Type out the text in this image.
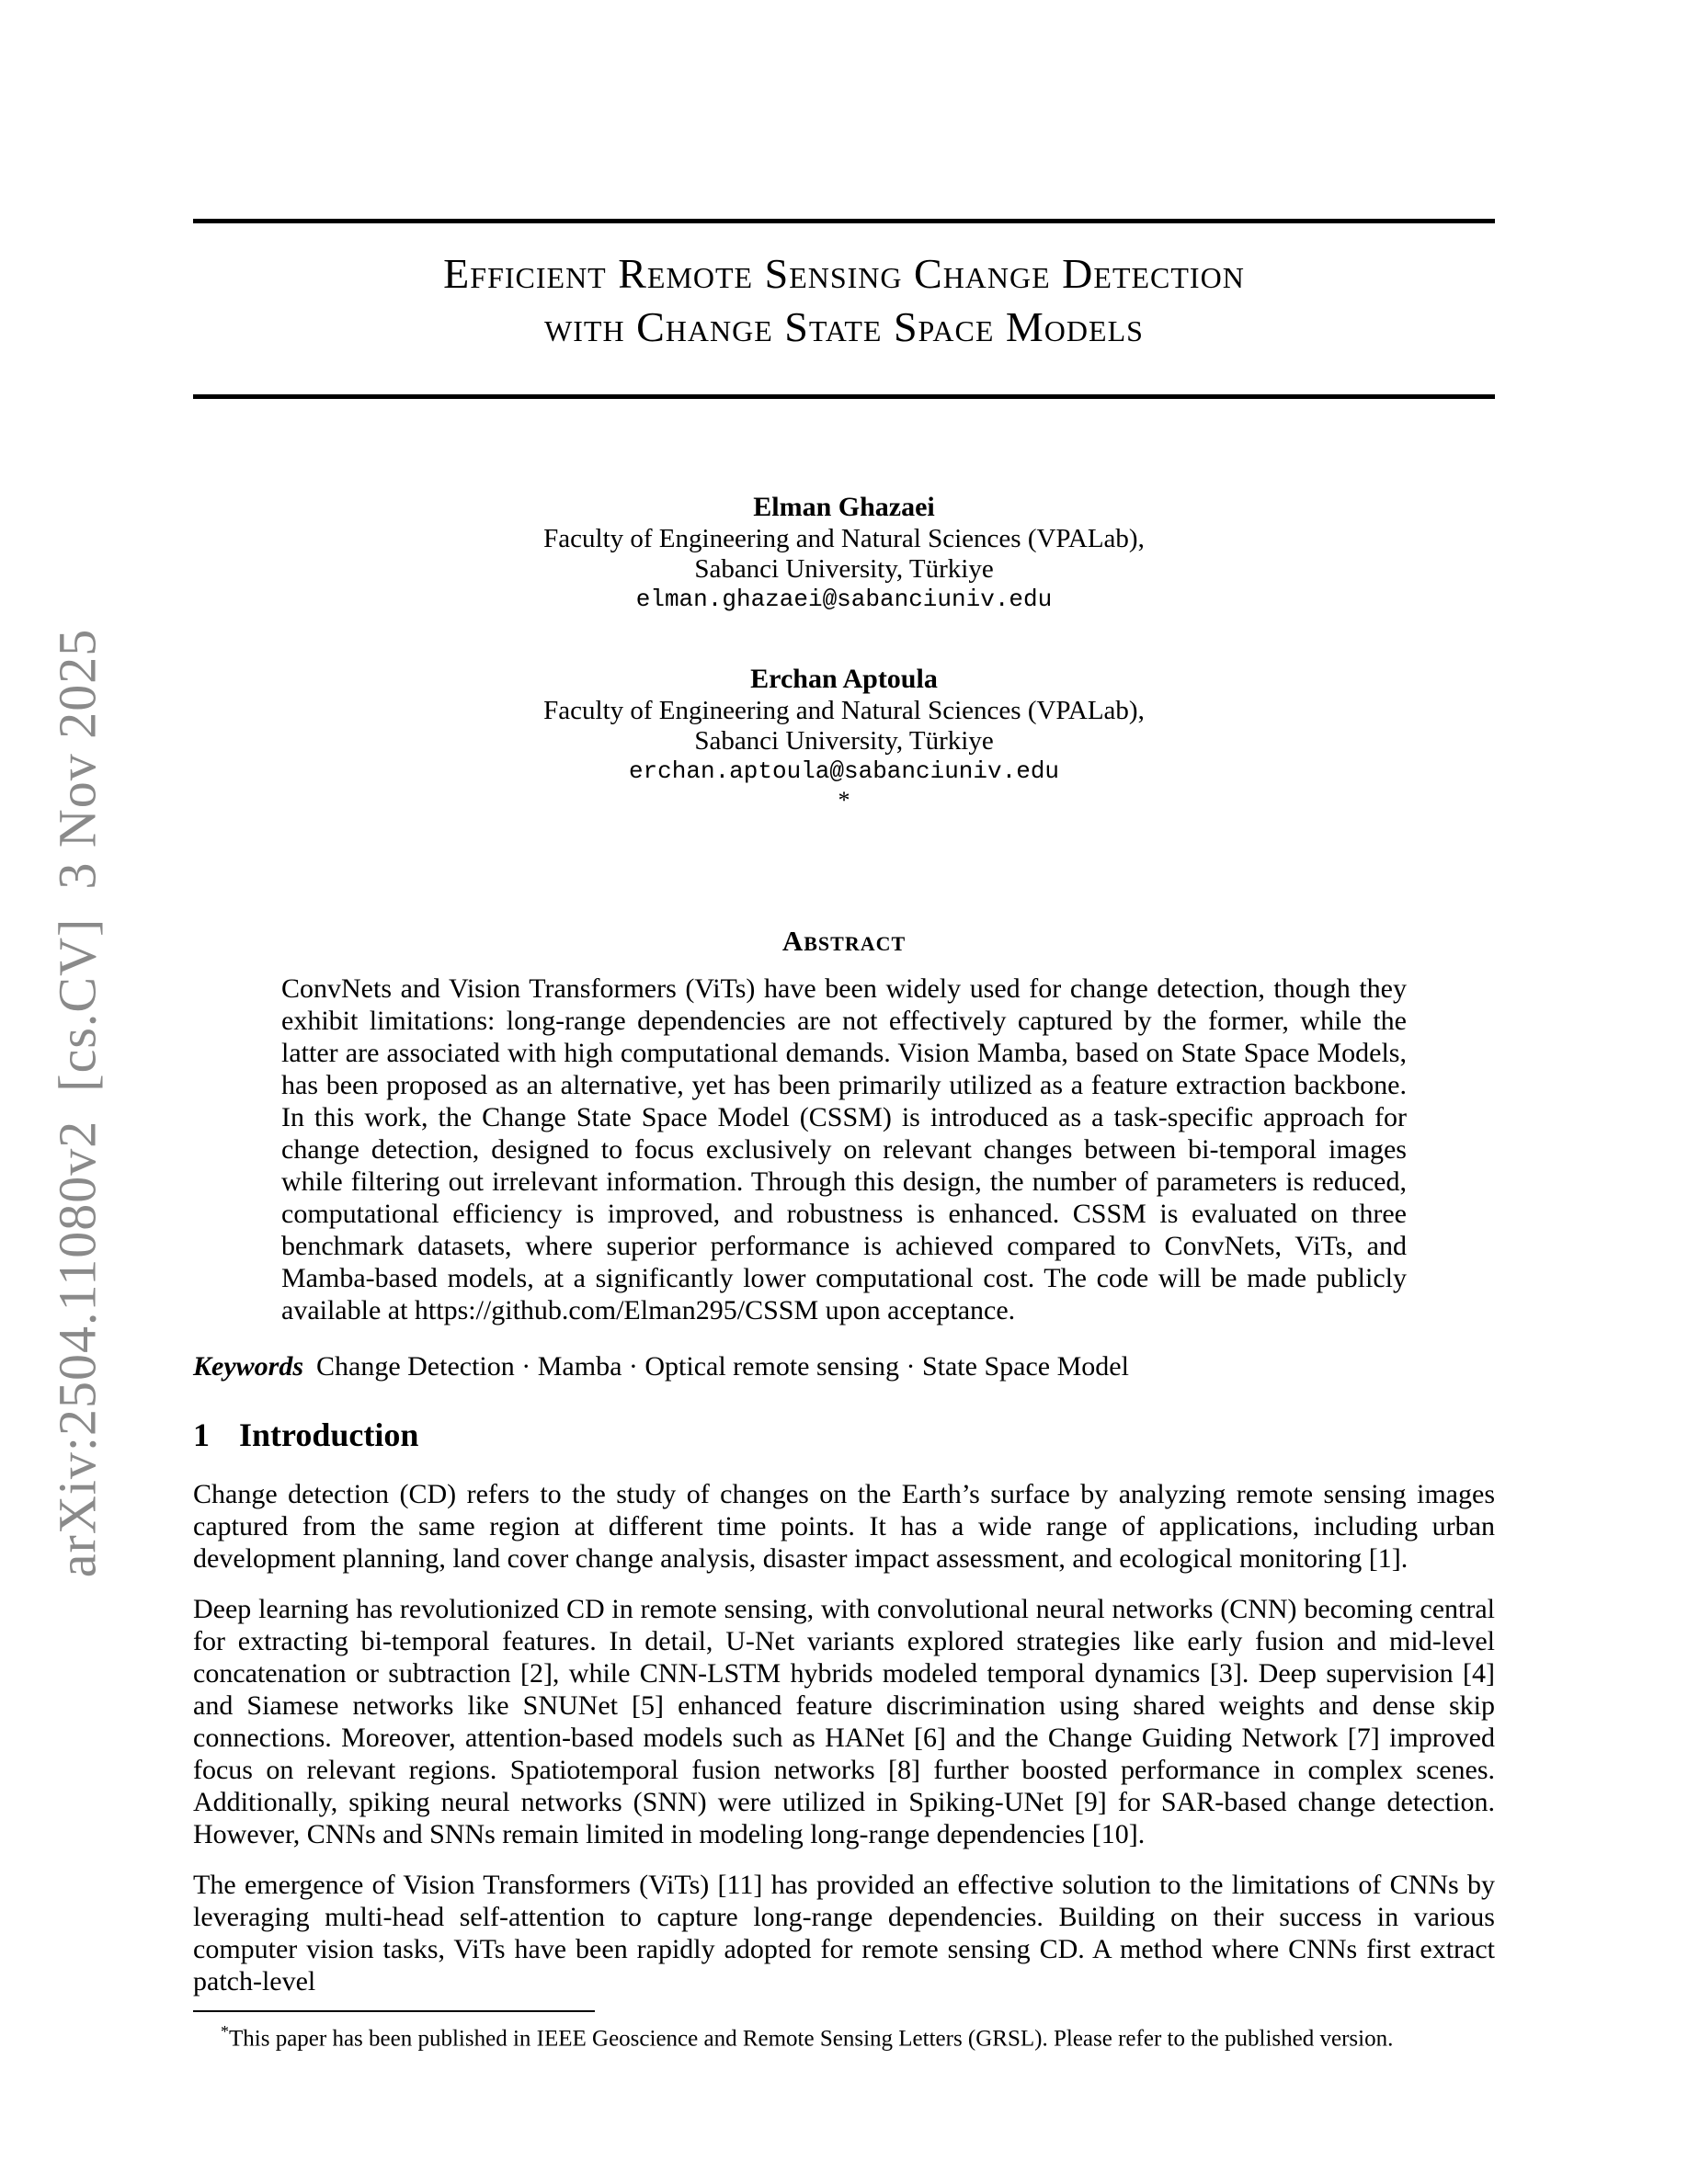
arXiv:2504.11080v2  [cs.CV]  3 Nov 2025
Efficient Remote Sensing Change Detection
with Change State Space Models
Elman Ghazaei
Faculty of Engineering and Natural Sciences (VPALab),
Sabanci University, Türkiye
elman.ghazaei@sabanciuniv.edu
Erchan Aptoula
Faculty of Engineering and Natural Sciences (VPALab),
Sabanci University, Türkiye
erchan.aptoula@sabanciuniv.edu
*
Abstract
ConvNets and Vision Transformers (ViTs) have been widely used for change detection, though they exhibit limitations: long-range dependencies are not effectively captured by the former, while the latter are associated with high computational demands. Vision Mamba, based on State Space Models, has been proposed as an alternative, yet has been primarily utilized as a feature extraction backbone. In this work, the Change State Space Model (CSSM) is introduced as a task-specific approach for change detection, designed to focus exclusively on relevant changes between bi-temporal images while filtering out irrelevant information. Through this design, the number of parameters is reduced, computational efficiency is improved, and robustness is enhanced. CSSM is evaluated on three benchmark datasets, where superior performance is achieved compared to ConvNets, ViTs, and Mamba-based models, at a significantly lower computational cost. The code will be made publicly available at https://github.com/Elman295/CSSM upon acceptance.
Keywords Change Detection · Mamba · Optical remote sensing · State Space Model
1 Introduction
Change detection (CD) refers to the study of changes on the Earth’s surface by analyzing remote sensing images captured from the same region at different time points. It has a wide range of applications, including urban development planning, land cover change analysis, disaster impact assessment, and ecological monitoring [1].
Deep learning has revolutionized CD in remote sensing, with convolutional neural networks (CNN) becoming central for extracting bi-temporal features. In detail, U-Net variants explored strategies like early fusion and mid-level concatenation or subtraction [2], while CNN-LSTM hybrids modeled temporal dynamics [3]. Deep supervision [4] and Siamese networks like SNUNet [5] enhanced feature discrimination using shared weights and dense skip connections. Moreover, attention-based models such as HANet [6] and the Change Guiding Network [7] improved focus on relevant regions. Spatiotemporal fusion networks [8] further boosted performance in complex scenes. Additionally, spiking neural networks (SNN) were utilized in Spiking-UNet [9] for SAR-based change detection. However, CNNs and SNNs remain limited in modeling long-range dependencies [10].
The emergence of Vision Transformers (ViTs) [11] has provided an effective solution to the limitations of CNNs by leveraging multi-head self-attention to capture long-range dependencies. Building on their success in various computer vision tasks, ViTs have been rapidly adopted for remote sensing CD. A method where CNNs first extract patch-level
*This paper has been published in IEEE Geoscience and Remote Sensing Letters (GRSL). Please refer to the published version.
